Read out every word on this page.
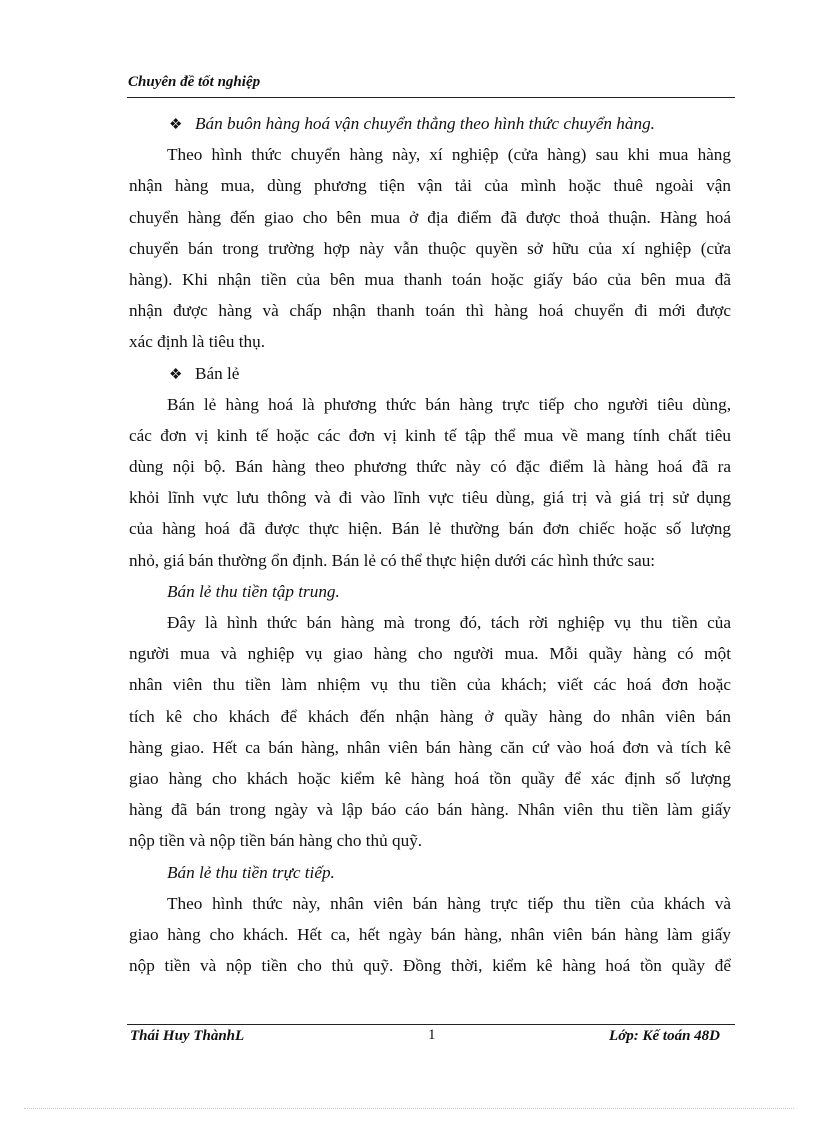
Chuyên đề tốt nghiệp
❖ Bán buôn hàng hoá vận chuyển thẳng theo hình thức chuyển hàng.
Theo hình thức chuyển hàng này, xí nghiệp (cửa hàng) sau khi mua hàng
nhận hàng mua, dùng phương tiện vận tải của mình hoặc thuê ngoài vận
chuyển hàng đến giao cho bên mua ở địa điểm đã được thoả thuận. Hàng hoá
chuyển bán trong trường hợp này vẫn thuộc quyền sở hữu của xí nghiệp (cửa
hàng). Khi nhận tiền của bên mua thanh toán hoặc giấy báo của bên mua đã
nhận được hàng và chấp nhận thanh toán thì hàng hoá chuyển đi mới được
xác định là tiêu thụ.
❖ Bán lẻ
Bán lẻ hàng hoá là phương thức bán hàng trực tiếp cho người tiêu dùng,
các đơn vị kinh tế hoặc các đơn vị kinh tế tập thể mua về mang tính chất tiêu
dùng nội bộ. Bán hàng theo phương thức này có đặc điểm là hàng hoá đã ra
khỏi lĩnh vực lưu thông và đi vào lĩnh vực tiêu dùng, giá trị và giá trị sử dụng
của hàng hoá đã được thực hiện. Bán lẻ thường bán đơn chiếc hoặc số lượng
nhỏ, giá bán thường ổn định. Bán lẻ có thể thực hiện dưới các hình thức sau:
Bán lẻ thu tiền tập trung.
Đây là hình thức bán hàng mà trong đó, tách rời nghiệp vụ thu tiền của
người mua và nghiệp vụ giao hàng cho người mua. Mỗi quầy hàng có một
nhân viên thu tiền làm nhiệm vụ thu tiền của khách; viết các hoá đơn hoặc
tích kê cho khách để khách đến nhận hàng ở quầy hàng do nhân viên bán
hàng giao. Hết ca bán hàng, nhân viên bán hàng căn cứ vào hoá đơn và tích kê
giao hàng cho khách hoặc kiểm kê hàng hoá tồn quầy để xác định số lượng
hàng đã bán trong ngày và lập báo cáo bán hàng. Nhân viên thu tiền làm giấy
nộp tiền và nộp tiền bán hàng cho thủ quỹ.
Bán lẻ thu tiền trực tiếp.
Theo hình thức này, nhân viên bán hàng trực tiếp thu tiền của khách và
giao hàng cho khách. Hết ca, hết ngày bán hàng, nhân viên bán hàng làm giấy
nộp tiền và nộp tiền cho thủ quỹ. Đồng thời, kiểm kê hàng hoá tồn quầy để
Thái Huy ThànhL	1	Lớp: Kế toán 48D
